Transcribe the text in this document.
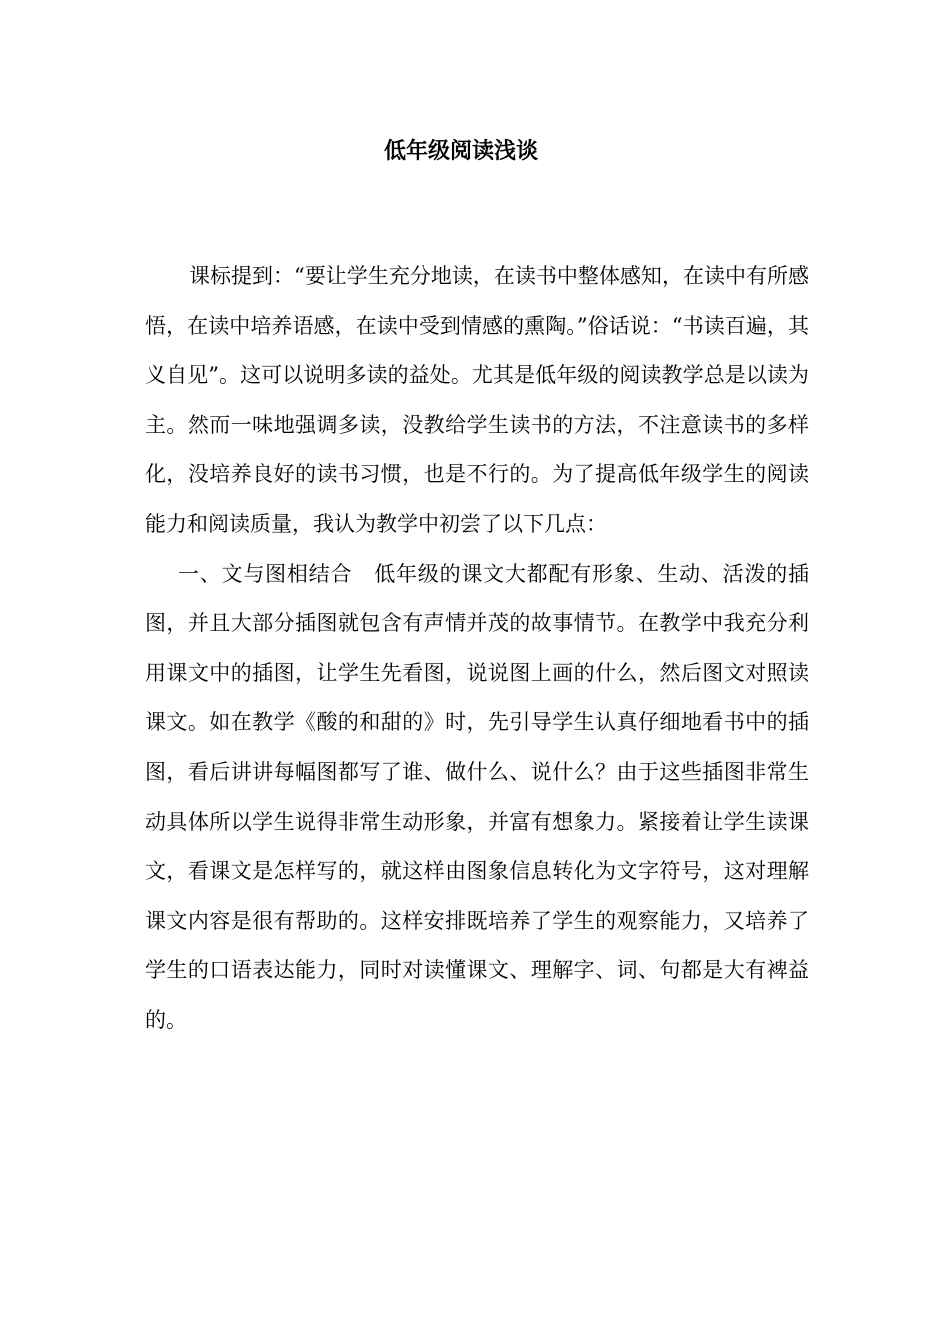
低年级阅读浅谈

课标提到：“要让学生充分地读，在读书中整体感知，在读中有所感悟，在读中培养语感，在读中受到情感的熏陶。”俗话说：“书读百遍，其义自见”。这可以说明多读的益处。尤其是低年级的阅读教学总是以读为主。然而一味地强调多读，没教给学生读书的方法，不注意读书的多样化，没培养良好的读书习惯，也是不行的。为了提高低年级学生的阅读能力和阅读质量，我认为教学中初尝了以下几点：

一、文与图相结合 低年级的课文大都配有形象、生动、活泼的插图，并且大部分插图就包含有声情并茂的故事情节。在教学中我充分利用课文中的插图，让学生先看图，说说图上画的什么，然后图文对照读课文。如在教学《酸的和甜的》时，先引导学生认真仔细地看书中的插图，看后讲讲每幅图都写了谁、做什么、说什么？由于这些插图非常生动具体所以学生说得非常生动形象，并富有想象力。紧接着让学生读课文，看课文是怎样写的，就这样由图象信息转化为文字符号，这对理解课文内容是很有帮助的。这样安排既培养了学生的观察能力，又培养了学生的口语表达能力，同时对读懂课文、理解字、词、句都是大有裨益的。
